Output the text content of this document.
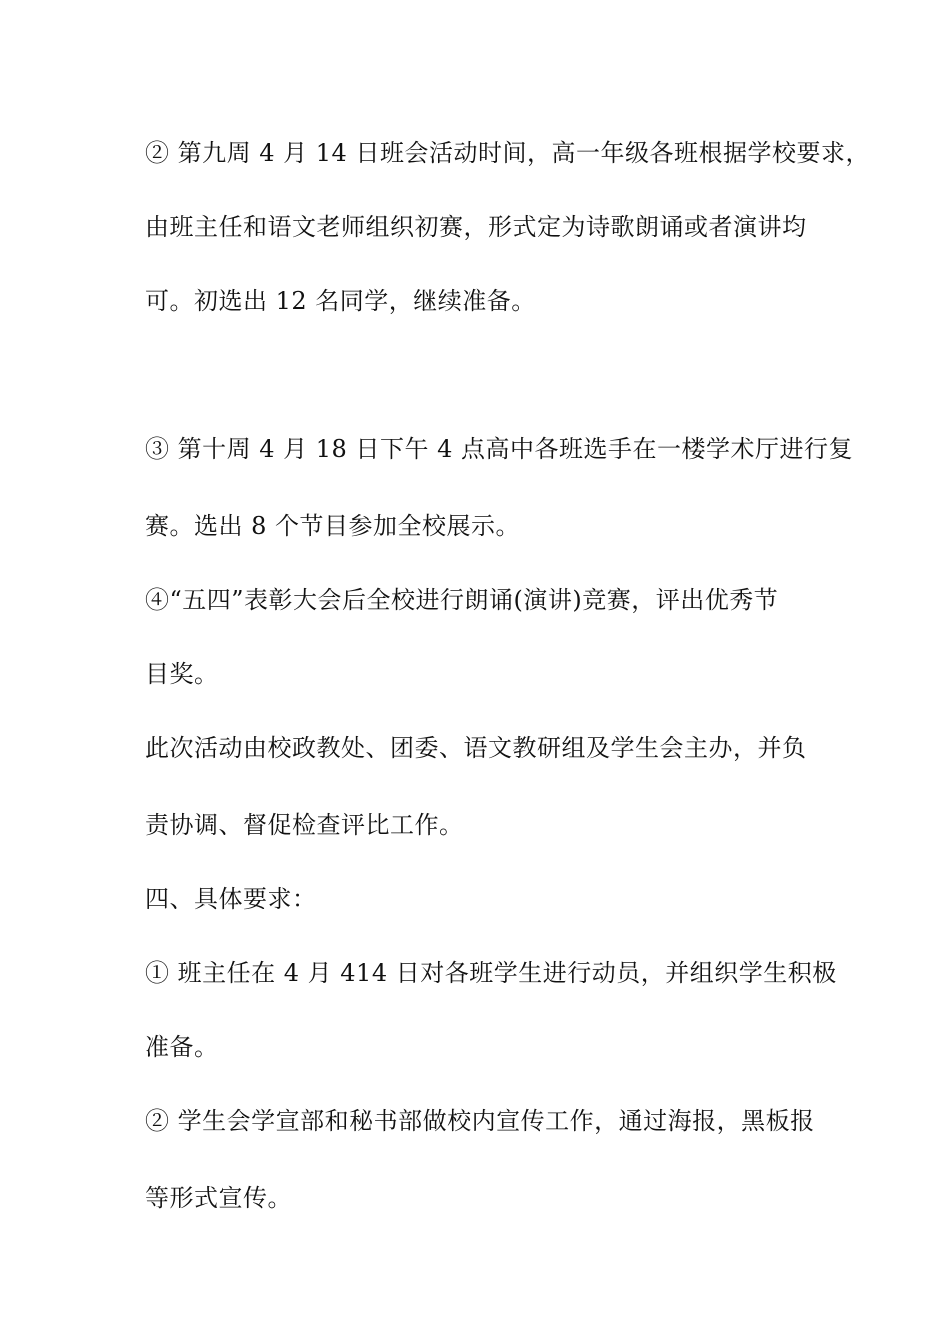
② 第九周 4 月 14 日班会活动时间，高一年级各班根据学校要求，

由班主任和语文老师组织初赛，形式定为诗歌朗诵或者演讲均

可。初选出 12 名同学，继续准备。

③ 第十周 4 月 18 日下午 4 点高中各班选手在一楼学术厅进行复

赛。选出 8 个节目参加全校展示。

④“五四”表彰大会后全校进行朗诵(演讲)竞赛，评出优秀节

目奖。

此次活动由校政教处、团委、语文教研组及学生会主办，并负

责协调、督促检查评比工作。

四、具体要求：

① 班主任在 4 月 414 日对各班学生进行动员，并组织学生积极

准备。

② 学生会学宣部和秘书部做校内宣传工作，通过海报，黑板报

等形式宣传。
